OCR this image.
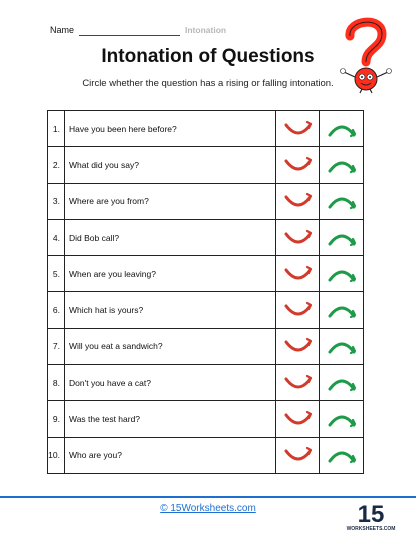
Name	Intonation
Intonation of Questions
Circle whether the question has a rising or falling intonation.
1.	Have you been here before?	

2.	What did you say?	

3.	Where are you from?	

4.	Did Bob call?	

5.	When are you leaving?	

6.	Which hat is yours?	

7.	Will you eat a sandwich?	

8.	Don't you have a cat?	

9.	Was the test hard?	

10.	Who are you?	

© 15Worksheets.com	15
WORKSHEETS.COM
